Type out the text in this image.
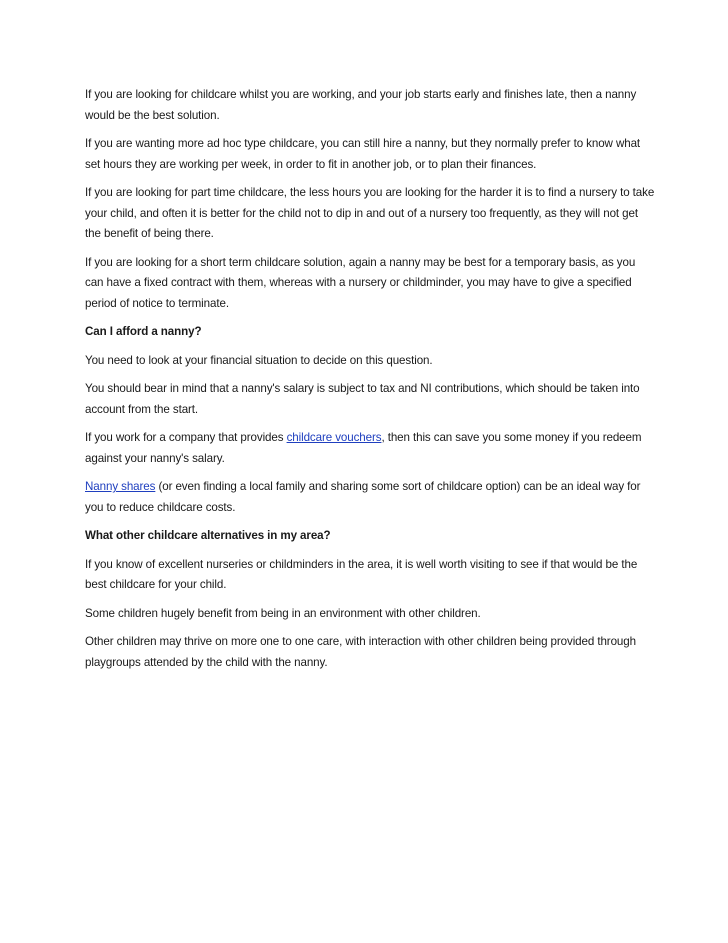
If you are looking for childcare whilst you are working, and your job starts early and finishes late, then a nanny would be the best solution.

If you are wanting more ad hoc type childcare, you can still hire a nanny, but they normally prefer to know what set hours they are working per week, in order to fit in another job, or to plan their finances.

If you are looking for part time childcare, the less hours you are looking for the harder it is to find a nursery to take your child, and often it is better for the child not to dip in and out of a nursery too frequently, as they will not get the benefit of being there.

If you are looking for a short term childcare solution, again a nanny may be best for a temporary basis, as you can have a fixed contract with them, whereas with a nursery or childminder, you may have to give a specified period of notice to terminate.

Can I afford a nanny?

You need to look at your financial situation to decide on this question.

You should bear in mind that a nanny's salary is subject to tax and NI contributions, which should be taken into account from the start.

If you work for a company that provides childcare vouchers, then this can save you some money if you redeem against your nanny's salary.

Nanny shares (or even finding a local family and sharing some sort of childcare option) can be an ideal way for you to reduce childcare costs.

What other childcare alternatives in my area?

If you know of excellent nurseries or childminders in the area, it is well worth visiting to see if that would be the best childcare for your child.

Some children hugely benefit from being in an environment with other children.

Other children may thrive on more one to one care, with interaction with other children being provided through playgroups attended by the child with the nanny.
